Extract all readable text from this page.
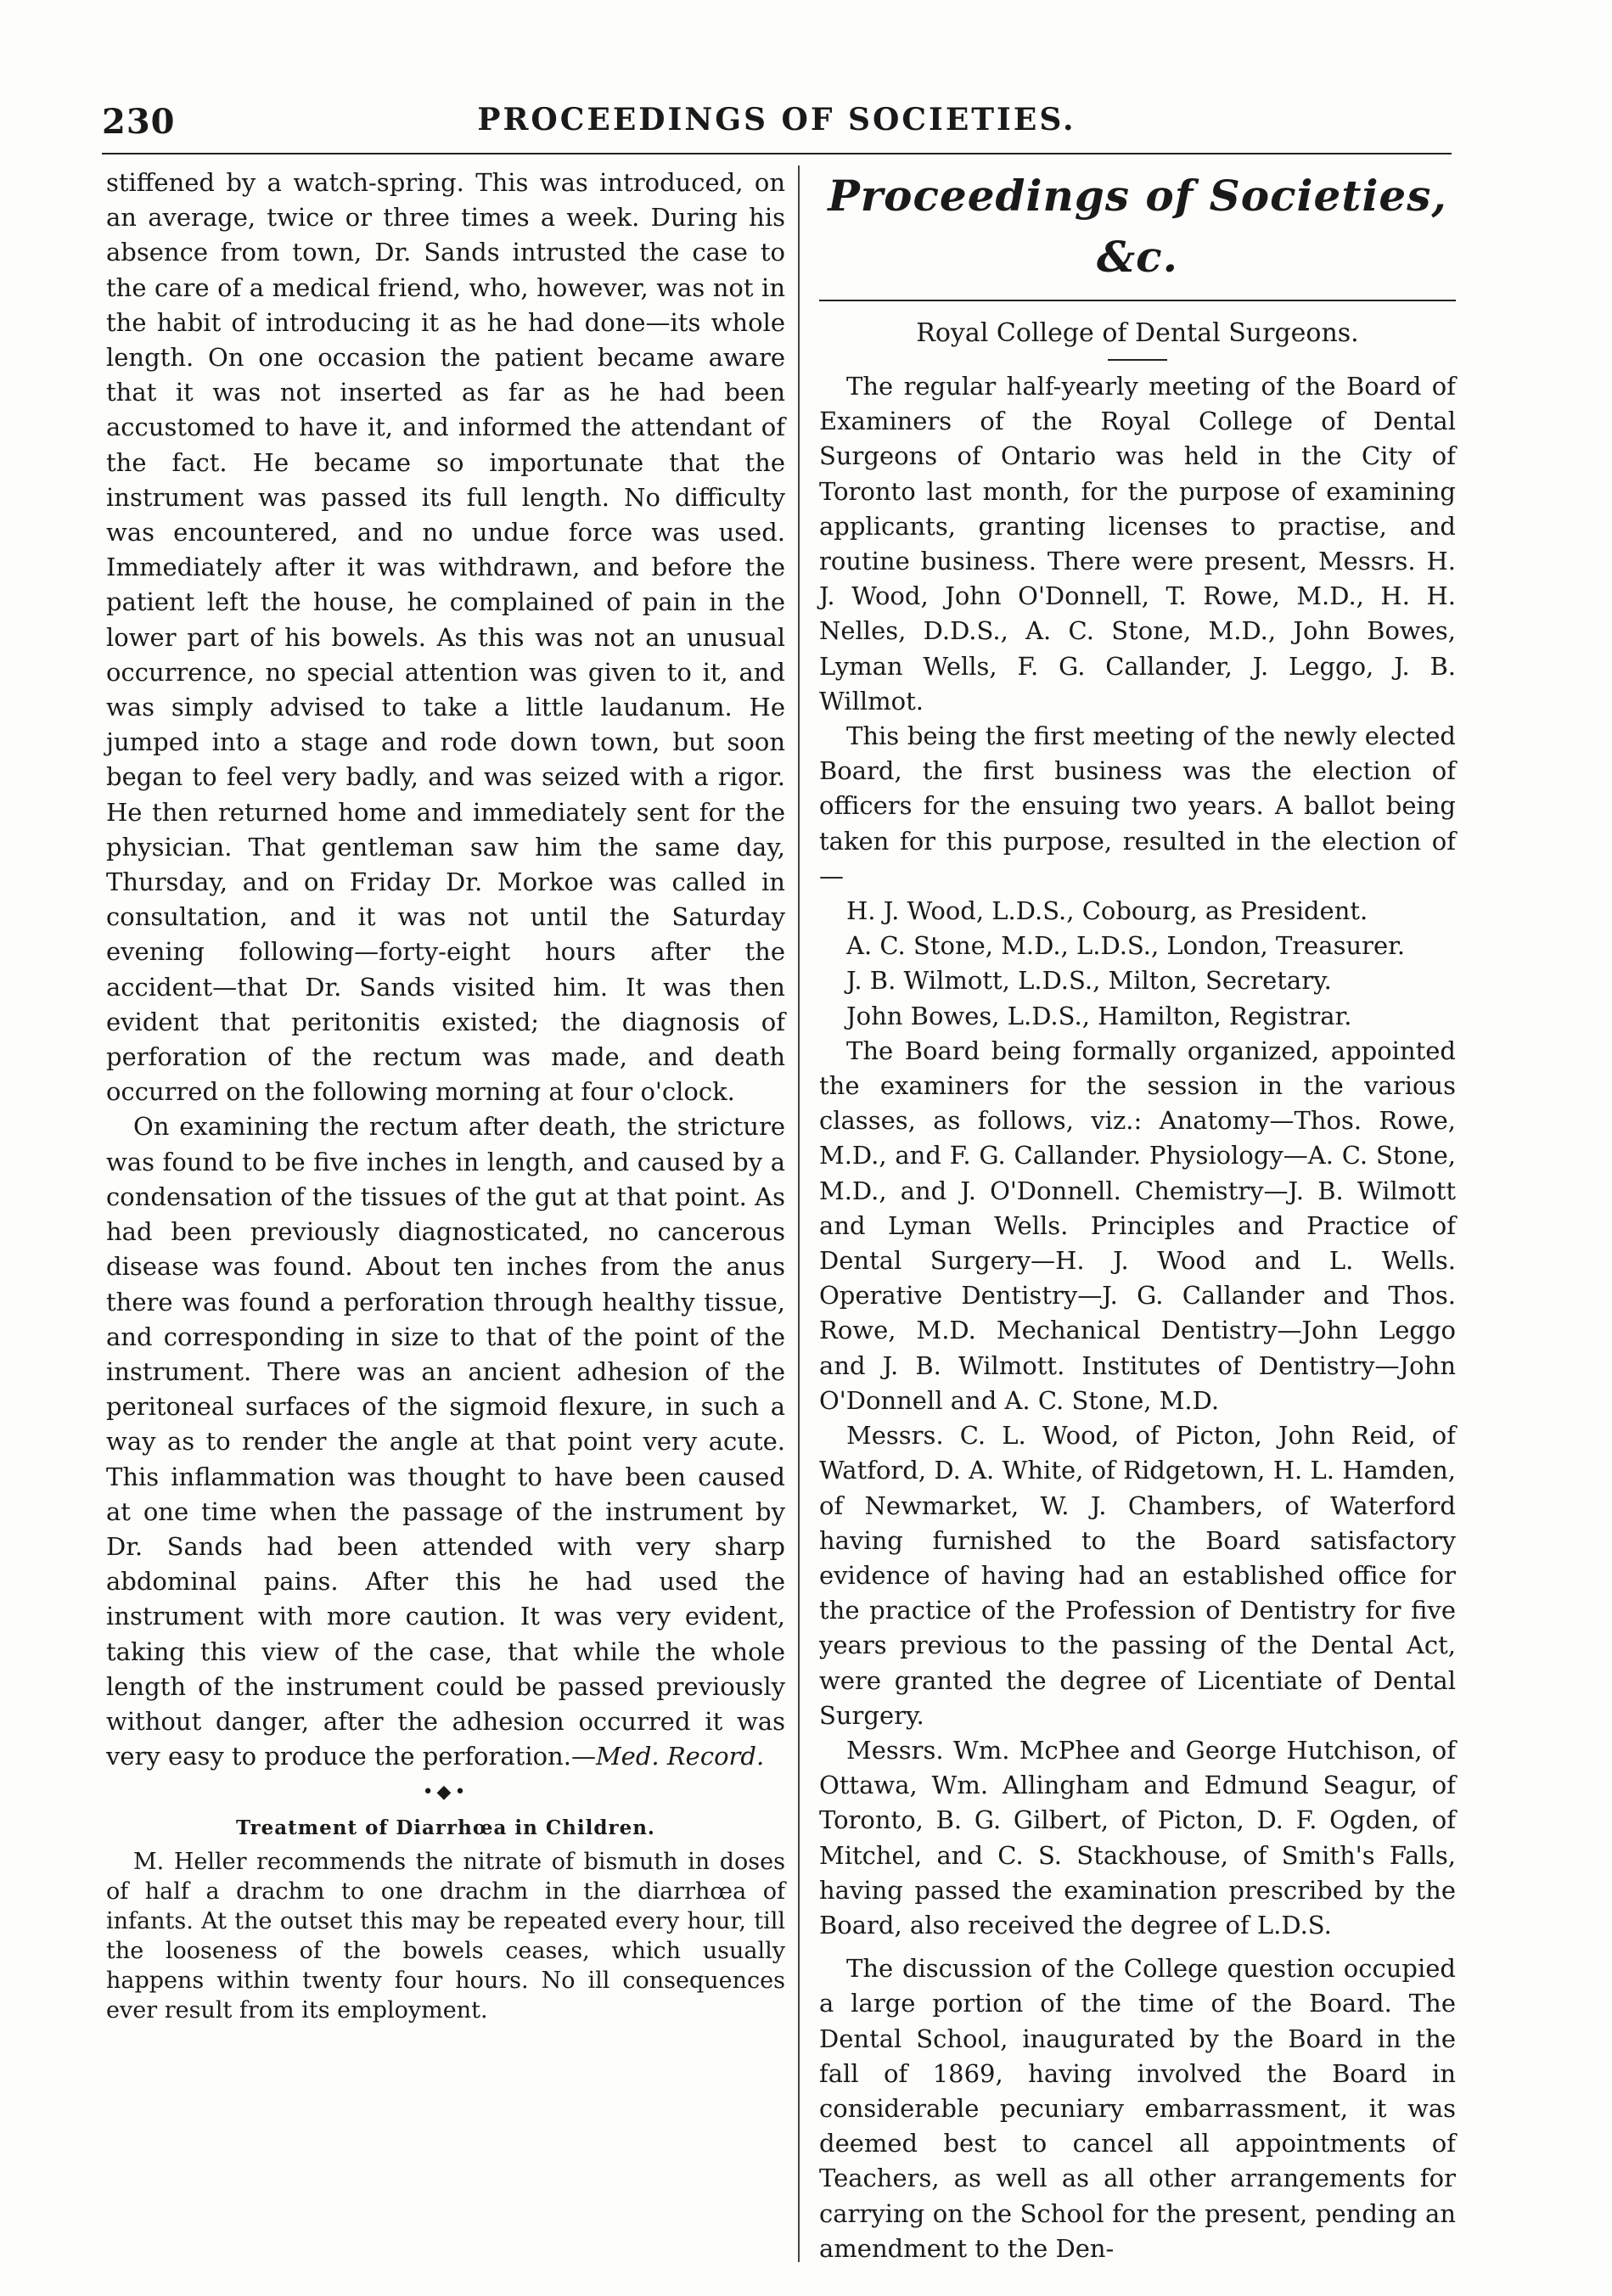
230	PROCEEDINGS OF SOCIETIES.

stiffened by a watch-spring. This was introduced, on an average, twice or three times a week. During his absence from town, Dr. Sands intrusted the case to the care of a medical friend, who, however, was not in the habit of introducing it as he had done—its whole length. On one occasion the patient became aware that it was not inserted as far as he had been accustomed to have it, and informed the attendant of the fact. He became so importunate that the instrument was passed its full length. No difficulty was encountered, and no undue force was used. Immediately after it was withdrawn, and before the patient left the house, he complained of pain in the lower part of his bowels. As this was not an unusual occurrence, no special attention was given to it, and was simply advised to take a little laudanum. He jumped into a stage and rode down town, but soon began to feel very badly, and was seized with a rigor. He then returned home and immediately sent for the physician. That gentleman saw him the same day, Thursday, and on Friday Dr. Morkoe was called in consultation, and it was not until the Saturday evening following—forty-eight hours after the accident—that Dr. Sands visited him. It was then evident that peritonitis existed; the diagnosis of perforation of the rectum was made, and death occurred on the following morning at four o'clock.

On examining the rectum after death, the stricture was found to be five inches in length, and caused by a condensation of the tissues of the gut at that point. As had been previously diagnosticated, no cancerous disease was found. About ten inches from the anus there was found a perforation through healthy tissue, and corresponding in size to that of the point of the instrument. There was an ancient adhesion of the peritoneal surfaces of the sigmoid flexure, in such a way as to render the angle at that point very acute. This inflammation was thought to have been caused at one time when the passage of the instrument by Dr. Sands had been attended with very sharp abdominal pains. After this he had used the instrument with more caution. It was very evident, taking this view of the case, that while the whole length of the instrument could be passed previously without danger, after the adhesion occurred it was very easy to produce the perforation.—Med. Record.

•◆•
Treatment of Diarrhœa in Children.

M. Heller recommends the nitrate of bismuth in doses of half a drachm to one drachm in the diarrhœa of infants. At the outset this may be repeated every hour, till the looseness of the bowels ceases, which usually happens within twenty four hours. No ill consequences ever result from its employment.

Proceedings of Societies, &c.
Royal College of Dental Surgeons.

The regular half-yearly meeting of the Board of Examiners of the Royal College of Dental Surgeons of Ontario was held in the City of Toronto last month, for the purpose of examining applicants, granting licenses to practise, and routine business. There were present, Messrs. H. J. Wood, John O'Donnell, T. Rowe, M.D., H. H. Nelles, D.D.S., A. C. Stone, M.D., John Bowes, Lyman Wells, F. G. Callander, J. Leggo, J. B. Willmot.

This being the first meeting of the newly elected Board, the first business was the election of officers for the ensuing two years. A ballot being taken for this purpose, resulted in the election of—

H. J. Wood, L.D.S., Cobourg, as President.

A. C. Stone, M.D., L.D.S., London, Treasurer.

J. B. Wilmott, L.D.S., Milton, Secretary.

John Bowes, L.D.S., Hamilton, Registrar.

The Board being formally organized, appointed the examiners for the session in the various classes, as follows, viz.: Anatomy—Thos. Rowe, M.D., and F. G. Callander. Physiology—A. C. Stone, M.D., and J. O'Donnell. Chemistry—J. B. Wilmott and Lyman Wells. Principles and Practice of Dental Surgery—H. J. Wood and L. Wells. Operative Dentistry—J. G. Callander and Thos. Rowe, M.D. Mechanical Dentistry—John Leggo and J. B. Wilmott. Institutes of Dentistry—John O'Donnell and A. C. Stone, M.D.

Messrs. C. L. Wood, of Picton, John Reid, of Watford, D. A. White, of Ridgetown, H. L. Hamden, of Newmarket, W. J. Chambers, of Waterford having furnished to the Board satisfactory evidence of having had an established office for the practice of the Profession of Dentistry for five years previous to the passing of the Dental Act, were granted the degree of Licentiate of Dental Surgery.

Messrs. Wm. McPhee and George Hutchison, of Ottawa, Wm. Allingham and Edmund Seagur, of Toronto, B. G. Gilbert, of Picton, D. F. Ogden, of Mitchel, and C. S. Stackhouse, of Smith's Falls, having passed the examination prescribed by the Board, also received the degree of L.D.S.

The discussion of the College question occupied a large portion of the time of the Board. The Dental School, inaugurated by the Board in the fall of 1869, having involved the Board in considerable pecuniary embarrassment, it was deemed best to cancel all appointments of Teachers, as well as all other arrangements for carrying on the School for the present, pending an amendment to the Den-
